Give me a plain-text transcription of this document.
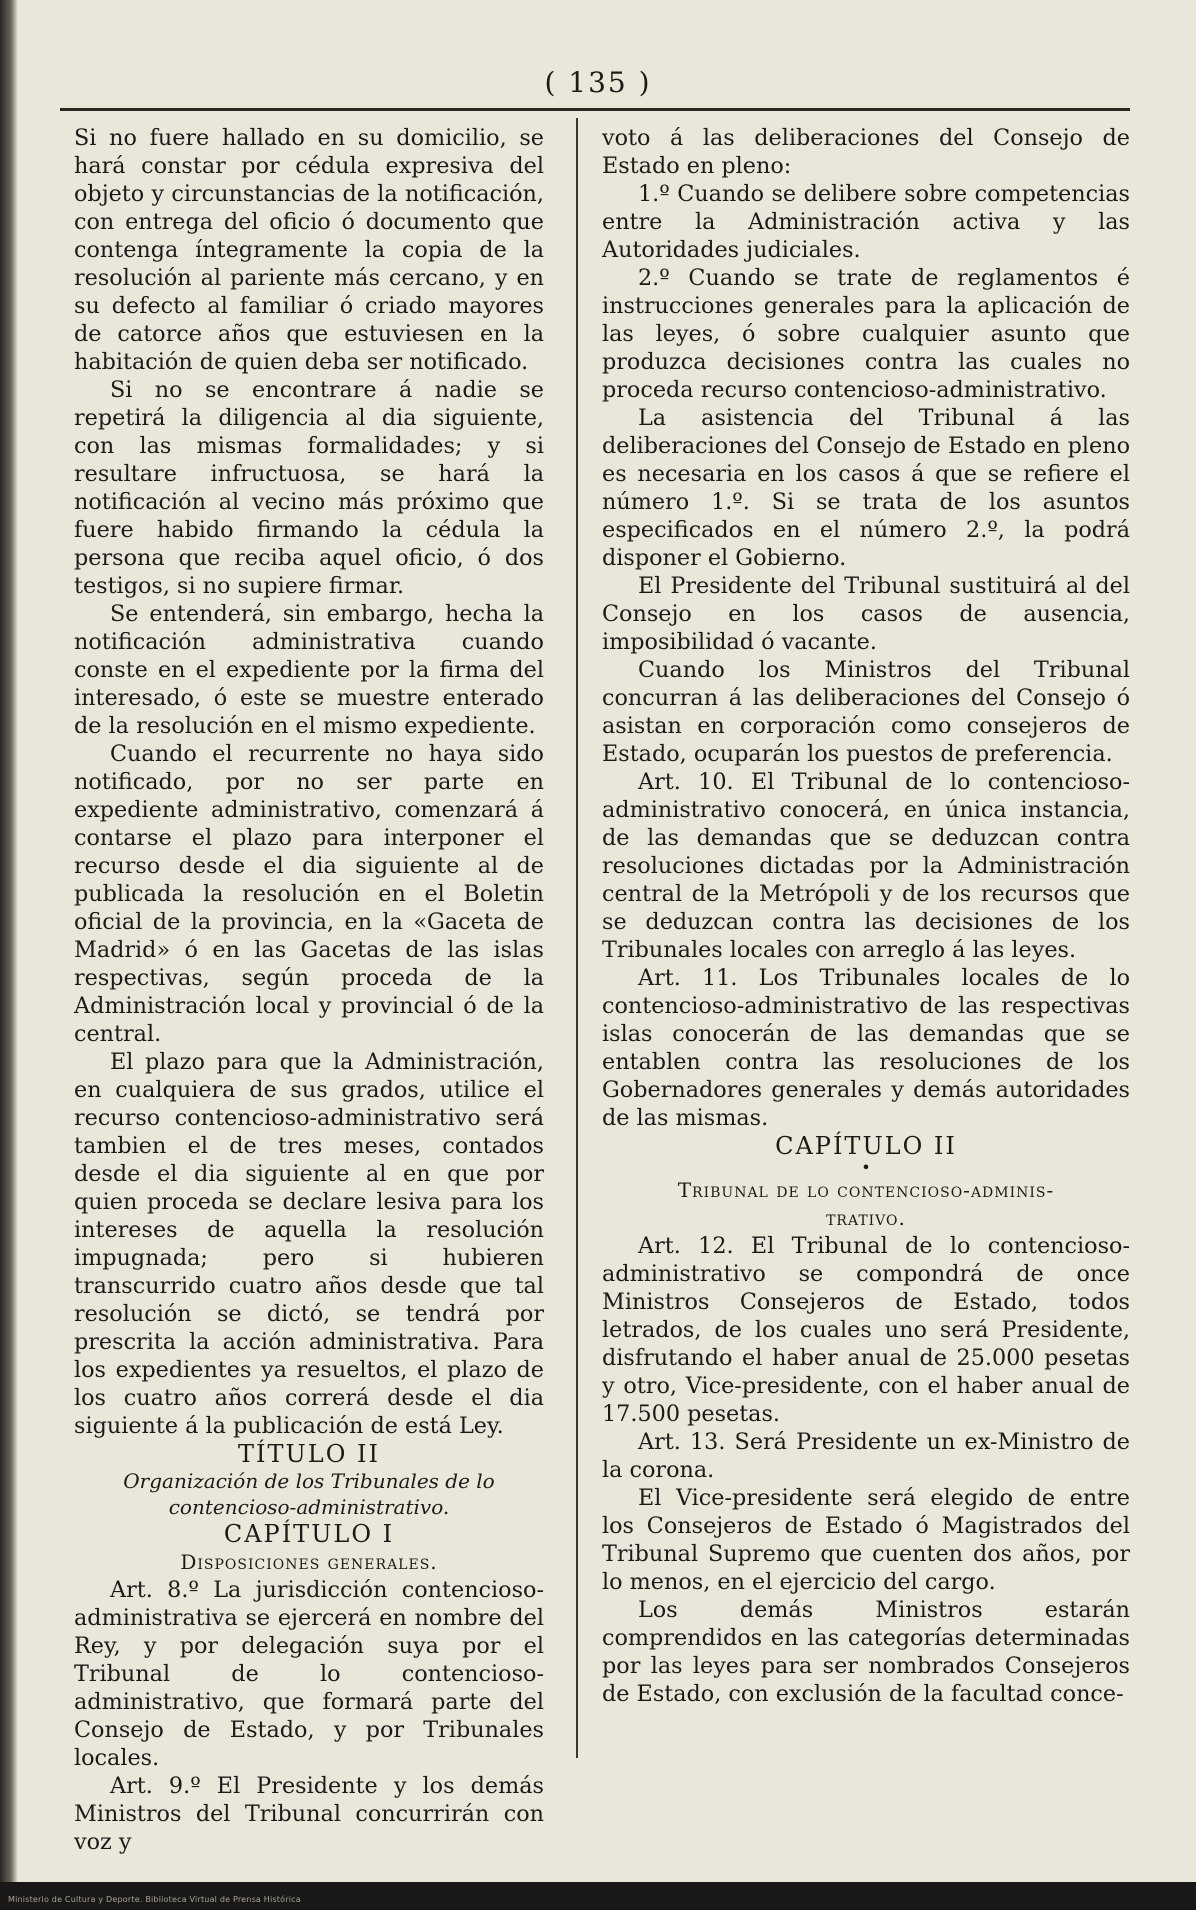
( 135 )

Si no fuere hallado en su domicilio, se hará constar por cédula expresiva del objeto y circunstancias de la notificación, con entrega del oficio ó documento que contenga íntegramente la copia de la resolución al pariente más cercano, y en su defecto al familiar ó criado mayores de catorce años que estuviesen en la habitación de quien deba ser notificado.

Si no se encontrare á nadie se repetirá la diligencia al dia siguiente, con las mismas formalidades; y si resultare infructuosa, se hará la notificación al vecino más próximo que fuere habido firmando la cédula la persona que reciba aquel oficio, ó dos testigos, si no supiere firmar.

Se entenderá, sin embargo, hecha la notificación administrativa cuando conste en el expediente por la firma del interesado, ó este se muestre enterado de la resolución en el mismo expediente.

Cuando el recurrente no haya sido notificado, por no ser parte en expediente administrativo, comenzará á contarse el plazo para interponer el recurso desde el dia siguiente al de publicada la resolución en el Boletin oficial de la provincia, en la «Gaceta de Madrid» ó en las Gacetas de las islas respectivas, según proceda de la Administración local y provincial ó de la central.

El plazo para que la Administración, en cualquiera de sus grados, utilice el recurso contencioso-administrativo será tambien el de tres meses, contados desde el dia siguiente al en que por quien proceda se declare lesiva para los intereses de aquella la resolución impugnada; pero si hubieren transcurrido cuatro años desde que tal resolución se dictó, se tendrá por prescrita la acción administrativa. Para los expedientes ya resueltos, el plazo de los cuatro años correrá desde el dia siguiente á la publicación de está Ley.

TÍTULO II

Organización de los Tribunales de lo contencioso-administrativo.

CAPÍTULO I

Disposiciones generales.

Art. 8.º La jurisdicción contencioso-administrativa se ejercerá en nombre del Rey, y por delegación suya por el Tribunal de lo contencioso-administrativo, que formará parte del Consejo de Estado, y por Tribunales locales.

Art. 9.º El Presidente y los demás Ministros del Tribunal concurrirán con voz y

voto á las deliberaciones del Consejo de Estado en pleno:

1.º Cuando se delibere sobre competencias entre la Administración activa y las Autoridades judiciales.

2.º Cuando se trate de reglamentos é instrucciones generales para la aplicación de las leyes, ó sobre cualquier asunto que produzca decisiones contra las cuales no proceda recurso contencioso-administrativo.

La asistencia del Tribunal á las deliberaciones del Consejo de Estado en pleno es necesaria en los casos á que se refiere el número 1.º. Si se trata de los asuntos especificados en el número 2.º, la podrá disponer el Gobierno.

El Presidente del Tribunal sustituirá al del Consejo en los casos de ausencia, imposibilidad ó vacante.

Cuando los Ministros del Tribunal concurran á las deliberaciones del Consejo ó asistan en corporación como consejeros de Estado, ocuparán los puestos de preferencia.

Art. 10. El Tribunal de lo contencioso-administrativo conocerá, en única instancia, de las demandas que se deduzcan contra resoluciones dictadas por la Administración central de la Metrópoli y de los recursos que se deduzcan contra las decisiones de los Tribunales locales con arreglo á las leyes.

Art. 11. Los Tribunales locales de lo contencioso-administrativo de las respectivas islas conocerán de las demandas que se entablen contra las resoluciones de los Gobernadores generales y demás autoridades de las mismas.

CAPÍTULO II

•

Tribunal de lo contencioso-adminis-

trativo.

Art. 12. El Tribunal de lo contencioso-administrativo se compondrá de once Ministros Consejeros de Estado, todos letrados, de los cuales uno será Presidente, disfrutando el haber anual de 25.000 pesetas y otro, Vice-presidente, con el haber anual de 17.500 pesetas.

Art. 13. Será Presidente un ex-Ministro de la corona.

El Vice-presidente será elegido de entre los Consejeros de Estado ó Magistrados del Tribunal Supremo que cuenten dos años, por lo menos, en el ejercicio del cargo.

Los demás Ministros estarán comprendidos en las categorías determinadas por las leyes para ser nombrados Consejeros de Estado, con exclusión de la facultad conce-

Ministerio de Cultura y Deporte. Biblioteca Virtual de Prensa Histórica
